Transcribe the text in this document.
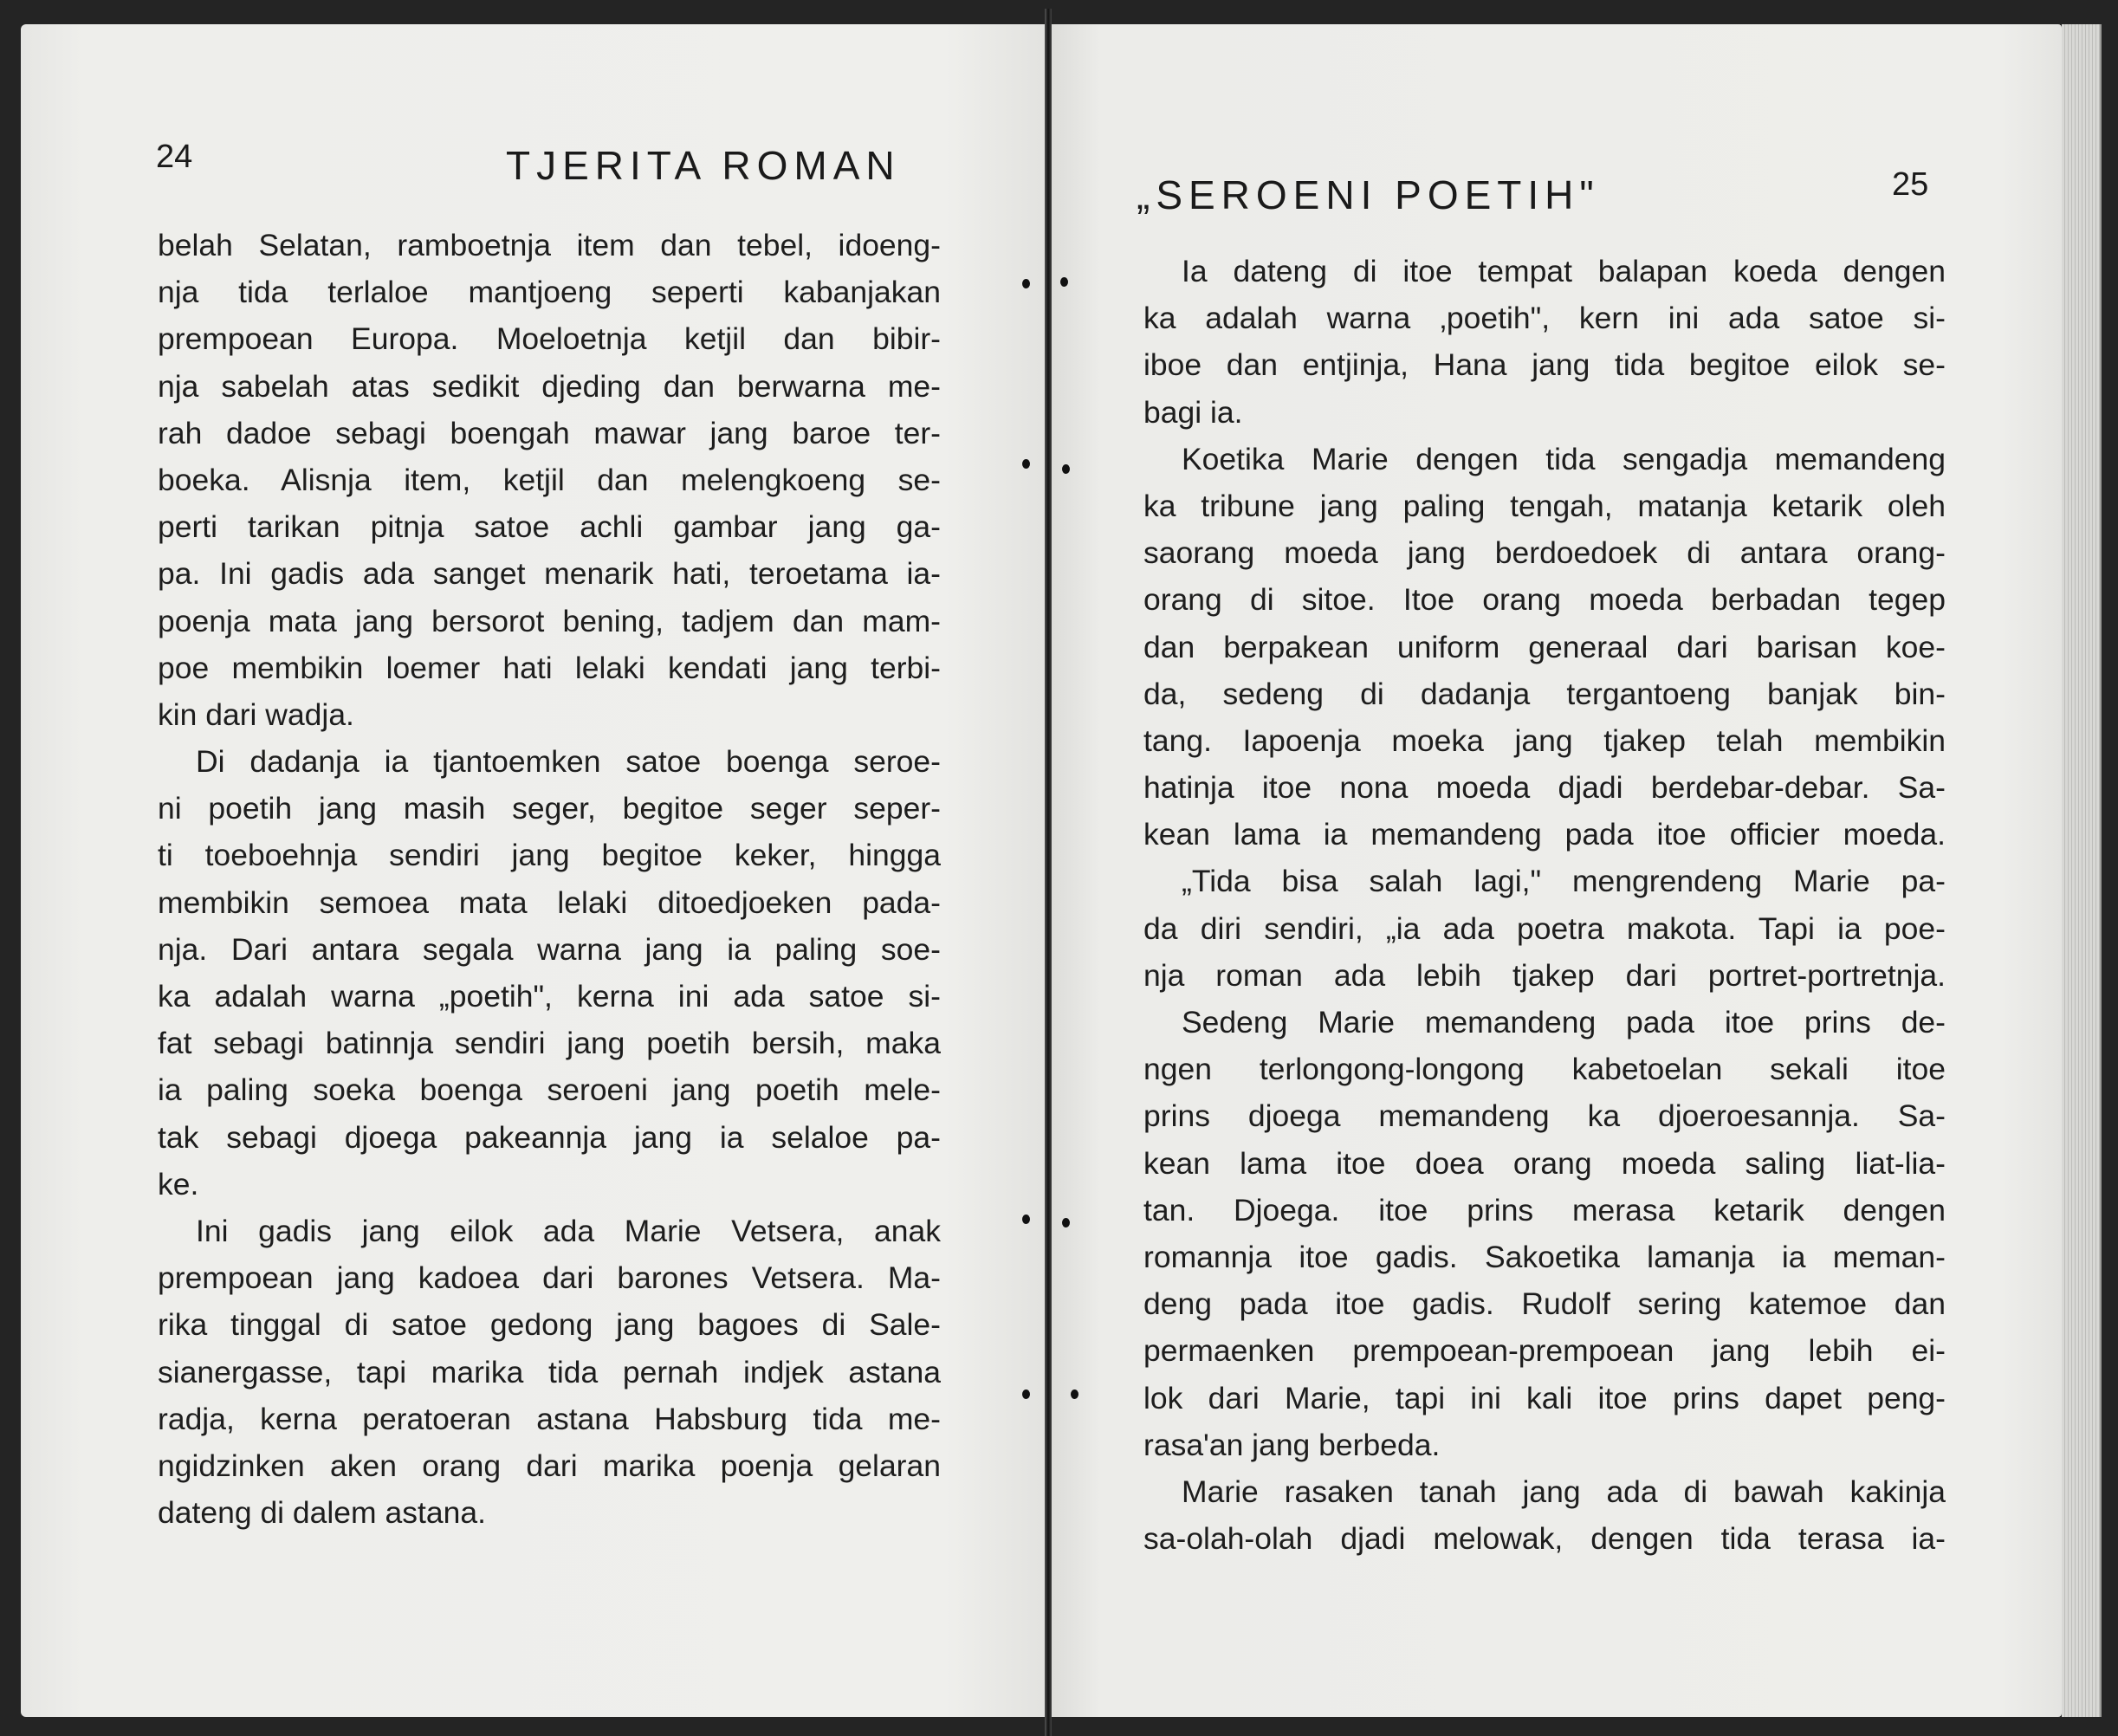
24	TJERITA ROMAN
„SEROENI POETIH"	25
belah Selatan, ramboetnja item dan tebel, idoeng-
nja tida terlaloe mantjoeng seperti kabanjakan
prempoean Europa. Moeloetnja ketjil dan bibir-
nja sabelah atas sedikit djeding dan berwarna me-
rah dadoe sebagi boengah mawar jang baroe ter-
boeka. Alisnja item, ketjil dan melengkoeng se-
perti tarikan pitnja satoe achli gambar jang ga-
pa. Ini gadis ada sanget menarik hati, teroetama ia-
poenja mata jang bersorot bening, tadjem dan mam-
poe membikin loemer hati lelaki kendati jang terbi-
kin dari wadja.
Di dadanja ia tjantoemken satoe boenga seroe-
ni poetih jang masih seger, begitoe seger seper-
ti toeboehnja sendiri jang begitoe keker, hingga
membikin semoea mata lelaki ditoedjoeken pada-
nja. Dari antara segala warna jang ia paling soe-
ka adalah warna „poetih", kerna ini ada satoe si-
fat sebagi batinnja sendiri jang poetih bersih, maka
ia paling soeka boenga seroeni jang poetih mele-
tak sebagi djoega pakeannja jang ia selaloe pa-
ke.
Ini gadis jang eilok ada Marie Vetsera, anak
prempoean jang kadoea dari barones Vetsera. Ma-
rika tinggal di satoe gedong jang bagoes di Sale-
sianergasse, tapi marika tida pernah indjek astana
radja, kerna peratoeran astana Habsburg tida me-
ngidzinken aken orang dari marika poenja gelaran
dateng di dalem astana.
Ia dateng di itoe tempat balapan koeda dengen
ka adalah warna ‚poetih", kern ini ada satoe si-
iboe dan entjinja, Hana jang tida begitoe eilok se-
bagi ia.
Koetika Marie dengen tida sengadja memandeng
ka tribune jang paling tengah, matanja ketarik oleh
saorang moeda jang berdoedoek di antara orang-
orang di sitoe. Itoe orang moeda berbadan tegep
dan berpakean uniform generaal dari barisan koe-
da, sedeng di dadanja tergantoeng banjak bin-
tang. Iapoenja moeka jang tjakep telah membikin
hatinja itoe nona moeda djadi berdebar-debar. Sa-
kean lama ia memandeng pada itoe officier moeda.
„Tida bisa salah lagi," mengrendeng Marie pa-
da diri sendiri, „ia ada poetra makota. Tapi ia poe-
nja roman ada lebih tjakep dari portret-portretnja.
Sedeng Marie memandeng pada itoe prins de-
ngen terlongong-longong kabetoelan sekali itoe
prins djoega memandeng ka djoeroesannja. Sa-
kean lama itoe doea orang moeda saling liat-lia-
tan. Djoega. itoe prins merasa ketarik dengen
romannja itoe gadis. Sakoetika lamanja ia meman-
deng pada itoe gadis. Rudolf sering katemoe dan
permaenken prempoean-prempoean jang lebih ei-
lok dari Marie, tapi ini kali itoe prins dapet peng-
rasa'an jang berbeda.
Marie rasaken tanah jang ada di bawah kakinja
sa-olah-olah djadi melowak, dengen tida terasa ia-
